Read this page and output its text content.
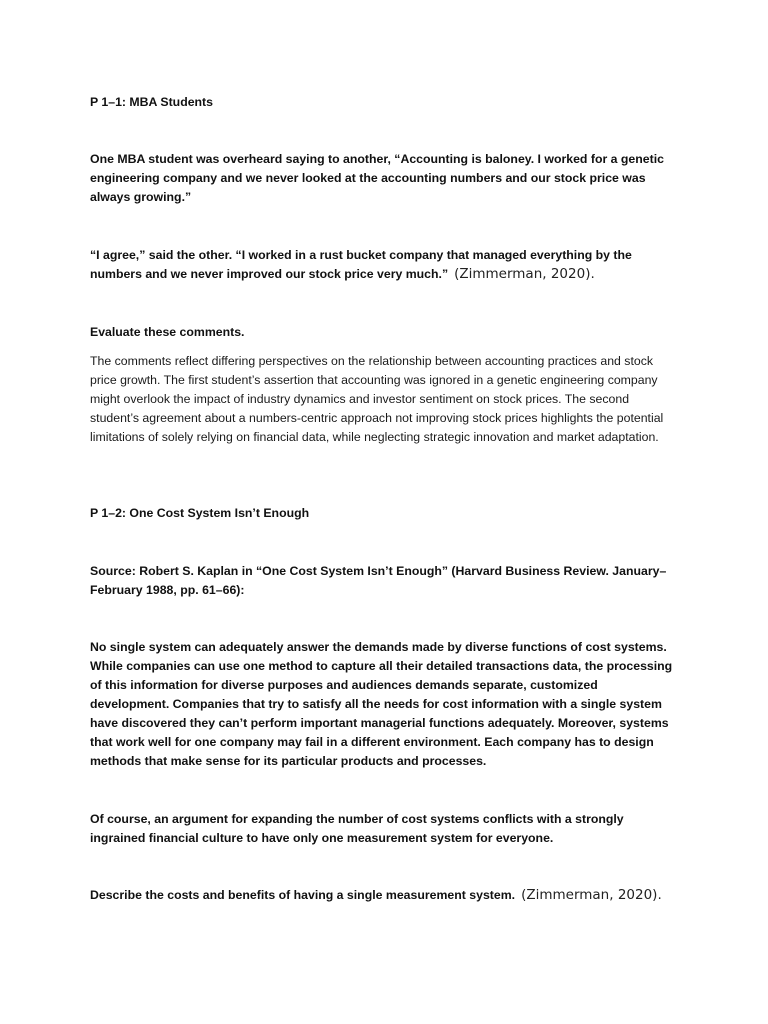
P 1–1: MBA Students

One MBA student was overheard saying to another, “Accounting is baloney. I worked for a genetic engineering company and we never looked at the accounting numbers and our stock price was always growing.”

“I agree,” said the other. “I worked in a rust bucket company that managed everything by the numbers and we never improved our stock price very much.” (Zimmerman, 2020).

Evaluate these comments.

The comments reflect differing perspectives on the relationship between accounting practices and stock price growth. The first student’s assertion that accounting was ignored in a genetic engineering company might overlook the impact of industry dynamics and investor sentiment on stock prices. The second student’s agreement about a numbers-centric approach not improving stock prices highlights the potential limitations of solely relying on financial data, while neglecting strategic innovation and market adaptation.

P 1–2: One Cost System Isn’t Enough

Source: Robert S. Kaplan in “One Cost System Isn’t Enough” (Harvard Business Review. January–February 1988, pp. 61–66):

No single system can adequately answer the demands made by diverse functions of cost systems. While companies can use one method to capture all their detailed transactions data, the processing of this information for diverse purposes and audiences demands separate, customized development. Companies that try to satisfy all the needs for cost information with a single system have discovered they can’t perform important managerial functions adequately. Moreover, systems that work well for one company may fail in a different environment. Each company has to design methods that make sense for its particular products and processes.

Of course, an argument for expanding the number of cost systems conflicts with a strongly ingrained financial culture to have only one measurement system for everyone.

Describe the costs and benefits of having a single measurement system. (Zimmerman, 2020).
